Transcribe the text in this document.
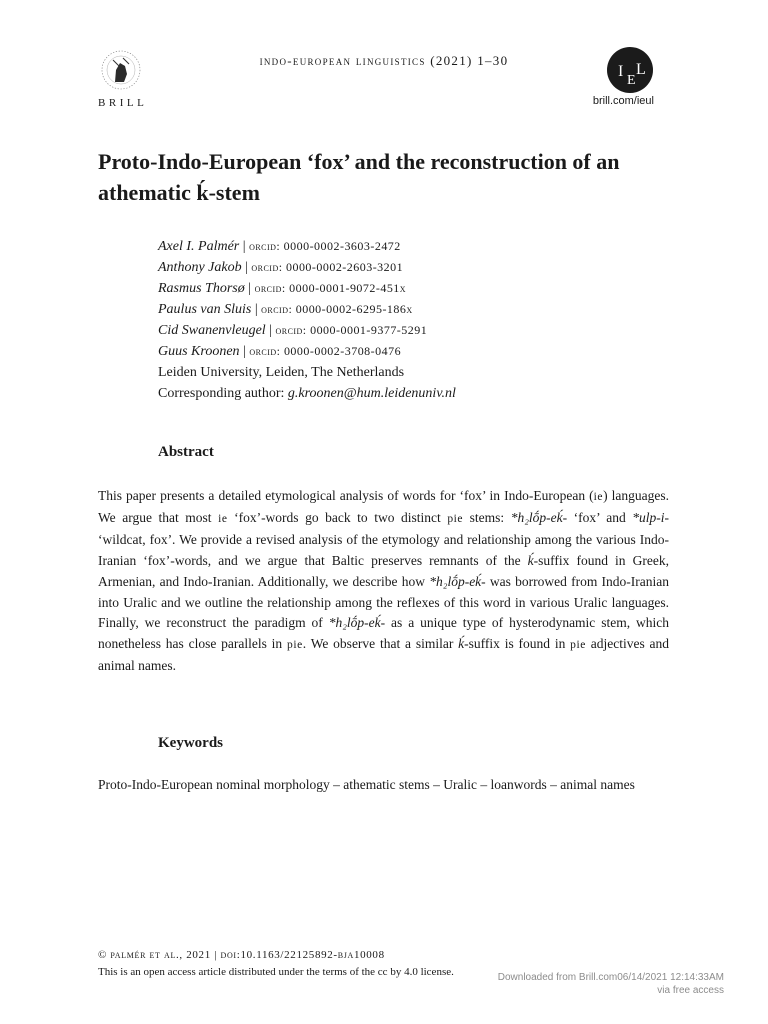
BRILL
indo-european linguistics (2021) 1–30
I
E
L
brill.com/ieul
Proto-Indo-European ‘fox’ and the reconstruction of an athematic ḱ-stem
Axel I. Palmér | orcid: 0000-0002-3603-2472
Anthony Jakob | orcid: 0000-0002-2603-3201
Rasmus Thorsø | orcid: 0000-0001-9072-451x
Paulus van Sluis | orcid: 0000-0002-6295-186x
Cid Swanenvleugel | orcid: 0000-0001-9377-5291
Guus Kroonen | orcid: 0000-0002-3708-0476
Leiden University, Leiden, The Netherlands
Corresponding author: g.kroonen@hum.leidenuniv.nl
Abstract

This paper presents a detailed etymological analysis of words for ‘fox’ in Indo-European (ie) languages. We argue that most ie ‘fox’-words go back to two distinct pie stems: *h₂lṓp-eḱ- ‘fox’ and *ulp-i- ‘wildcat, fox’. We provide a revised analysis of the etymology and relationship among the various Indo-Iranian ‘fox’-words, and we argue that Baltic preserves remnants of the ḱ-suffix found in Greek, Armenian, and Indo-Iranian. Additionally, we describe how *h₂lṓp-eḱ- was borrowed from Indo-Iranian into Uralic and we outline the relationship among the reflexes of this word in various Uralic languages. Finally, we reconstruct the paradigm of *h₂lṓp-eḱ- as a unique type of hysterodynamic stem, which nonetheless has close parallels in pie. We observe that a similar ḱ-suffix is found in pie adjectives and animal names.

Keywords

Proto-Indo-European nominal morphology – athematic stems – Uralic – loanwords – animal names

© palmér et al., 2021 | doi:10.1163/22125892-bja10008
This is an open access article distributed under the terms of the cc by 4.0 license.	Downloaded from Brill.com06/14/2021 12:14:33AM
via free access
